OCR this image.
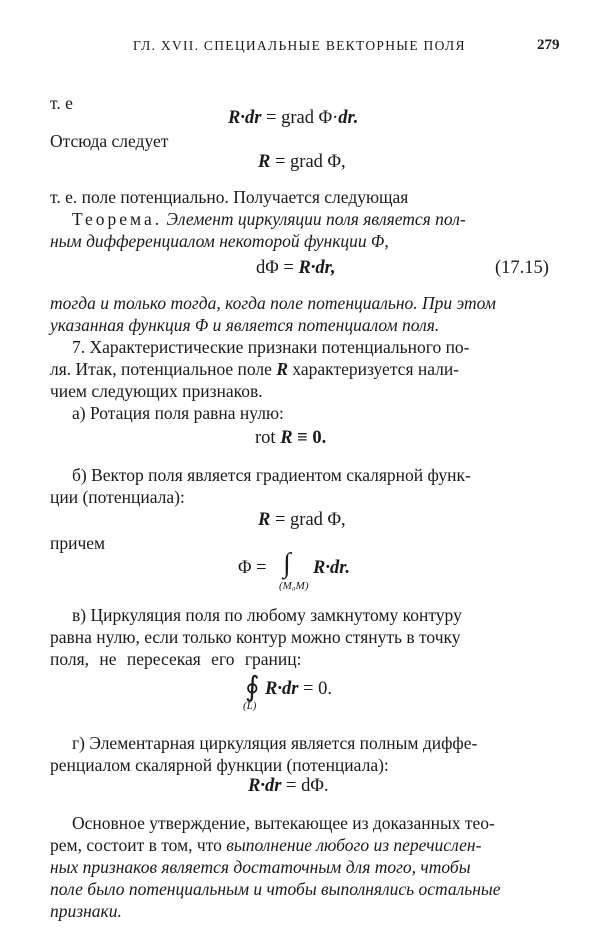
ГЛ. XVII. СПЕЦИАЛЬНЫЕ ВЕКТОРНЫЕ ПОЛЯ	279
т. е
R·dr = grad Φ·dr.
Отсюда следует
R = grad Φ,
т. е. поле потенциально. Получается следующая
Теорема. Элемент циркуляции поля является пол-
ным дифференциалом некоторой функции Φ,
dΦ = R·dr,	(17.15)
тогда и только тогда, когда поле потенциально. При этом
указанная функция Φ и является потенциалом поля.
7. Характеристические признаки потенциального по-
ля. Итак, потенциальное поле R характеризуется нали-
чием следующих признаков.
а) Ротация поля равна нулю:
rot R ≡ 0.
б) Вектор поля является градиентом скалярной функ-
ции (потенциала):
R = grad Φ,
причем
Φ = ∫
(M₀M)
R·dr.
в) Циркуляция поля по любому замкнутому контуру
равна нулю, если только контур можно стянуть в точку
поля, не пересекая его границ:
∮
(L)
R·dr = 0.
г) Элементарная циркуляция является полным диффе-
ренциалом скалярной функции (потенциала):
R·dr = dΦ.
Основное утверждение, вытекающее из доказанных тео-
рем, состоит в том, что выполнение любого из перечислен-
ных признаков является достаточным для того, чтобы
поле было потенциальным и чтобы выполнялись остальные
признаки.
